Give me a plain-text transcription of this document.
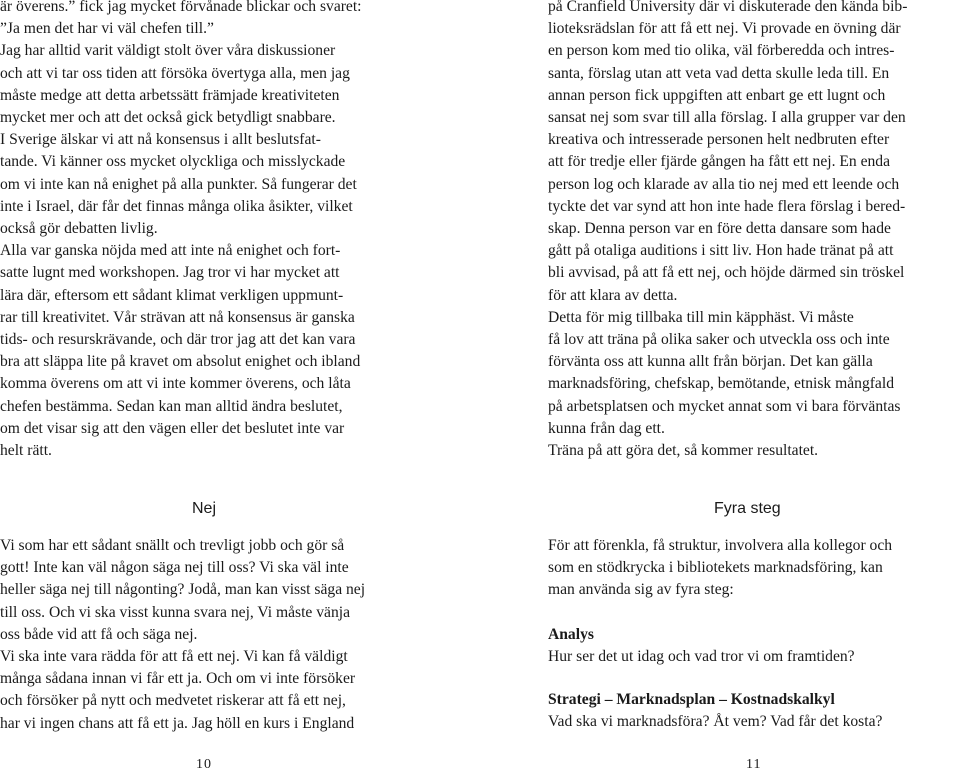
är överens.” fick jag mycket förvånade blickar och svaret:
”Ja men det har vi väl chefen till.”
Jag har alltid varit väldigt stolt över våra diskussioner
och att vi tar oss tiden att försöka övertyga alla, men jag
måste medge att detta arbetssätt främjade kreativiteten
mycket mer och att det också gick betydligt snabbare.
I Sverige älskar vi att nå konsensus i allt beslutsfat-
tande. Vi känner oss mycket olyckliga och misslyckade
om vi inte kan nå enighet på alla punkter. Så fungerar det
inte i Israel, där får det finnas många olika åsikter, vilket
också gör debatten livlig.
Alla var ganska nöjda med att inte nå enighet och fort-
satte lugnt med workshopen. Jag tror vi har mycket att
lära där, eftersom ett sådant klimat verkligen uppmunt-
rar till kreativitet. Vår strävan att nå konsensus är ganska
tids- och resurskrävande, och där tror jag att det kan vara
bra att släppa lite på kravet om absolut enighet och ibland
komma överens om att vi inte kommer överens, och låta
chefen bestämma. Sedan kan man alltid ändra beslutet,
om det visar sig att den vägen eller det beslutet inte var
helt rätt.
Nej
Vi som har ett sådant snällt och trevligt jobb och gör så
gott! Inte kan väl någon säga nej till oss? Vi ska väl inte
heller säga nej till någonting? Jodå, man kan visst säga nej
till oss. Och vi ska visst kunna svara nej, Vi måste vänja
oss både vid att få och säga nej.
Vi ska inte vara rädda för att få ett nej. Vi kan få väldigt
många sådana innan vi får ett ja. Och om vi inte försöker
och försöker på nytt och medvetet riskerar att få ett nej,
har vi ingen chans att få ett ja. Jag höll en kurs i England
10
på Cranfield University där vi diskuterade den kända bib-
lioteksrädslan för att få ett nej. Vi provade en övning där
en person kom med tio olika, väl förberedda och intres-
santa, förslag utan att veta vad detta skulle leda till. En
annan person fick uppgiften att enbart ge ett lugnt och
sansat nej som svar till alla förslag. I alla grupper var den
kreativa och intresserade personen helt nedbruten efter
att för tredje eller fjärde gången ha fått ett nej. En enda
person log och klarade av alla tio nej med ett leende och
tyckte det var synd att hon inte hade flera förslag i bered-
skap. Denna person var en före detta dansare som hade
gått på otaliga auditions i sitt liv. Hon hade tränat på att
bli avvisad, på att få ett nej, och höjde därmed sin tröskel
för att klara av detta.
Detta för mig tillbaka till min käpphäst. Vi måste
få lov att träna på olika saker och utveckla oss och inte
förvänta oss att kunna allt från början. Det kan gälla
marknadsföring, chefskap, bemötande, etnisk mångfald
på arbetsplatsen och mycket annat som vi bara förväntas
kunna från dag ett.
Träna på att göra det, så kommer resultatet.
Fyra steg
För att förenkla, få struktur, involvera alla kollegor och
som en stödkrycka i bibliotekets marknadsföring, kan
man använda sig av fyra steg:
Analys
Hur ser det ut idag och vad tror vi om framtiden?
Strategi – Marknadsplan – Kostnadskalkyl
Vad ska vi marknadsföra? Åt vem? Vad får det kosta?
11
